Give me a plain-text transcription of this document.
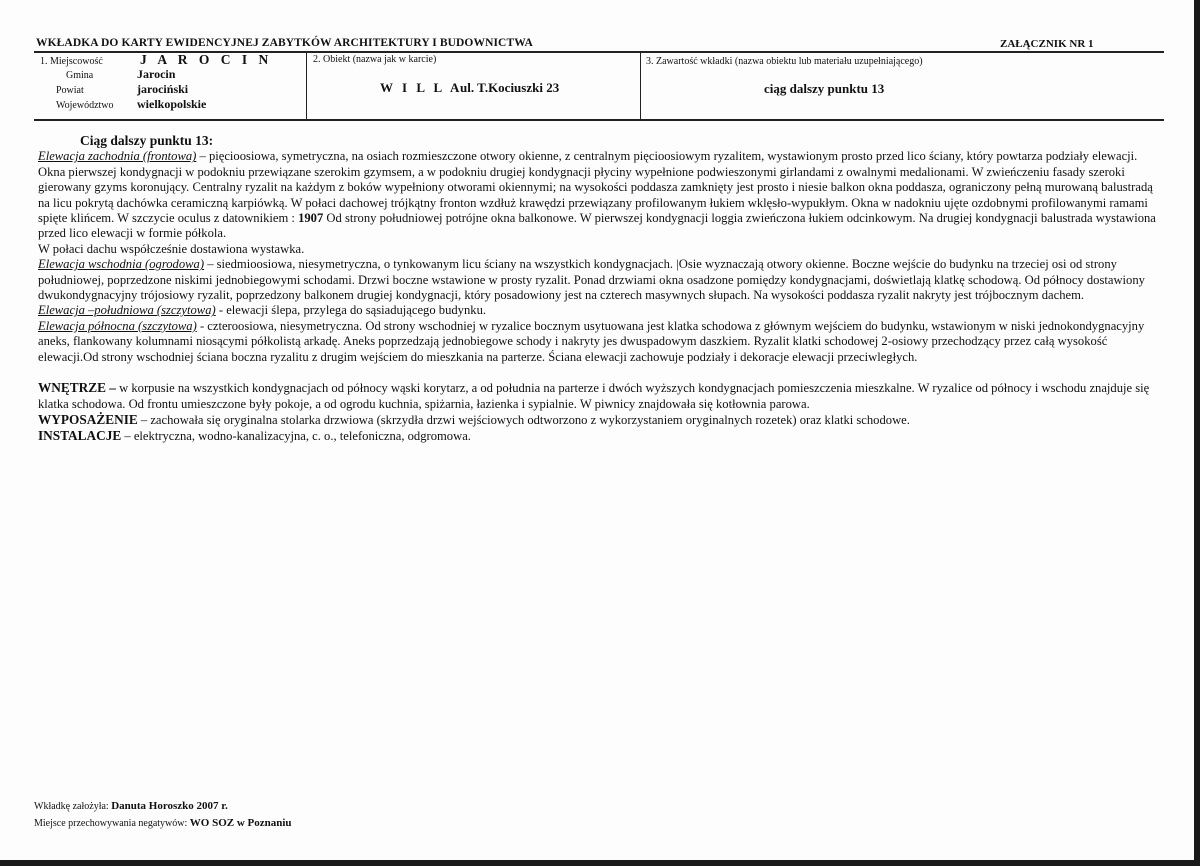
WKŁADKA DO KARTY EWIDENCYJNEJ ZABYTKÓW ARCHITEKTURY I BUDOWNICTWA	ZAŁĄCZNIK NR 1
1. Miejscowość	J A R O C I N
Gmina	Jarocin
Powiat	jarociński
Województwo wielkopolskie
2. Obiekt (nazwa jak w karcie)
W I L L A
ul. T.Kociuszki 23
3. Zawartość wkładki (nazwa obiektu lub materiału uzupełniającego)
ciąg dalszy punktu 13

Ciąg dalszy punktu 13:

Elewacja zachodnia (frontowa) – pięcioosiowa, symetryczna, na osiach rozmieszczone otwory okienne, z centralnym pięcioosiowym ryzalitem, wystawionym prosto przed lico ściany, który powtarza podziały elewacji. Okna pierwszej kondygnacji w podokniu przewiązane szerokim gzymsem, a w podokniu drugiej kondygnacji płyciny wypełnione podwieszonymi girlandami z owalnymi medalionami. W zwieńczeniu fasady szeroki gierowany gzyms koronujący. Centralny ryzalit na każdym z boków wypełniony otworami okiennymi; na wysokości poddasza zamknięty jest prosto i niesie balkon okna poddasza, ograniczony pełną murowaną balustradą na licu pokrytą dachówka ceramiczną karpiówką. W połaci dachowej trójkątny fronton wzdłuż krawędzi przewiązany profilowanym łukiem wklęsło-wypukłym. Okna w nadokniu ujęte ozdobnymi profilowanymi ramami spięte klińcem. W szczycie oculus z datownikiem : 1907 Od strony południowej potrójne okna balkonowe. W pierwszej kondygnacji loggia zwieńczona łukiem odcinkowym. Na drugiej kondygnacji balustrada wystawiona przed lico elewacji w formie półkola.

W połaci dachu współcześnie dostawiona wystawka.

Elewacja wschodnia (ogrodowa) – siedmioosiowa, niesymetryczna, o tynkowanym licu ściany na wszystkich kondygnacjach. |Osie wyznaczają otwory okienne. Boczne wejście do budynku na trzeciej osi od strony południowej, poprzedzone niskimi jednobiegowymi schodami. Drzwi boczne wstawione w prosty ryzalit. Ponad drzwiami okna osadzone pomiędzy kondygnacjami, doświetlają klatkę schodową. Od północy dostawiony dwukondygnacyjny trójosiowy ryzalit, poprzedzony balkonem drugiej kondygnacji, który posadowiony jest na czterech masywnych słupach. Na wysokości poddasza ryzalit nakryty jest trójbocznym dachem.

Elewacja –południowa (szczytowa) - elewacji ślepa, przylega do sąsiadującego budynku.

Elewacja północna (szczytowa) - czteroosiowa, niesymetryczna. Od strony wschodniej w ryzalice bocznym usytuowana jest klatka schodowa z głównym wejściem do budynku, wstawionym w niski jednokondygnacyjny aneks, flankowany kolumnami niosącymi półkolistą arkadę. Aneks poprzedzają jednobiegowe schody i nakryty jes dwuspadowym daszkiem. Ryzalit klatki schodowej 2-osiowy przechodzący przez całą wysokość elewacji.Od strony wschodniej ściana boczna ryzalitu z drugim wejściem do mieszkania na parterze. Ściana elewacji zachowuje podziały i dekoracje elewacji przeciwległych.

WNĘTRZE – w korpusie na wszystkich kondygnacjach od północy wąski korytarz, a od południa na parterze i dwóch wyższych kondygnacjach pomieszczenia mieszkalne. W ryzalice od północy i wschodu znajduje się klatka schodowa. Od frontu umieszczone były pokoje, a od ogrodu kuchnia, spiżarnia, łazienka i sypialnie. W piwnicy znajdowała się kotłownia parowa.

WYPOSAŻENIE – zachowała się oryginalna stolarka drzwiowa (skrzydła drzwi wejściowych odtworzono z wykorzystaniem oryginalnych rozetek) oraz klatki schodowe.

INSTALACJE – elektryczna, wodno-kanalizacyjna, c. o., telefoniczna, odgromowa.

Wkładkę założyła: Danuta Horoszko 2007 r.
Miejsce przechowywania negatywów: WO SOZ w Poznaniu
